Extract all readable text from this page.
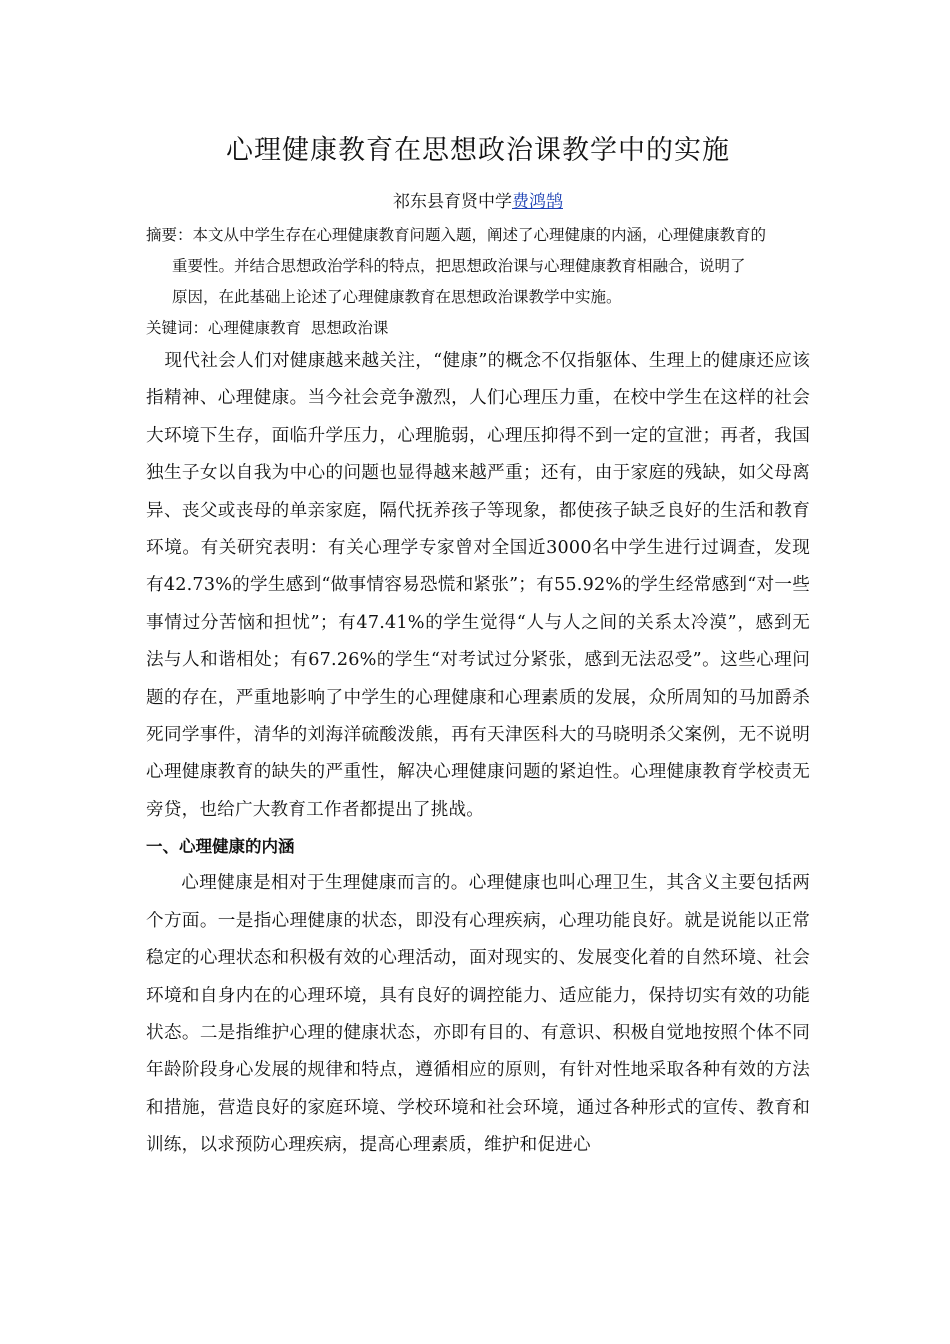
心理健康教育在思想政治课教学中的实施

祁东县育贤中学费鸿鹄

摘要：本文从中学生存在心理健康教育问题入题，阐述了心理健康的内涵，心理健康教育的
重要性。并结合思想政治学科的特点，把思想政治课与心理健康教育相融合，说明了
原因，在此基础上论述了心理健康教育在思想政治课教学中实施。

关键词：心理健康教育  思想政治课

现代社会人们对健康越来越关注，“健康”的概念不仅指躯体、生理上的健康还应该指精神、心理健康。当今社会竞争激烈，人们心理压力重，在校中学生在这样的社会大环境下生存，面临升学压力，心理脆弱，心理压抑得不到一定的宣泄；再者，我国独生子女以自我为中心的问题也显得越来越严重；还有，由于家庭的残缺，如父母离异、丧父或丧母的单亲家庭，隔代抚养孩子等现象，都使孩子缺乏良好的生活和教育环境。有关研究表明：有关心理学专家曾对全国近3000名中学生进行过调查，发现有42.73%的学生感到“做事情容易恐慌和紧张”；有55.92%的学生经常感到“对一些事情过分苦恼和担忧”；有47.41%的学生觉得“人与人之间的关系太冷漠”，感到无法与人和谐相处；有67.26%的学生“对考试过分紧张，感到无法忍受”。这些心理问题的存在，严重地影响了中学生的心理健康和心理素质的发展，众所周知的马加爵杀死同学事件，清华的刘海洋硫酸泼熊，再有天津医科大的马晓明杀父案例，无不说明心理健康教育的缺失的严重性，解决心理健康问题的紧迫性。心理健康教育学校责无旁贷，也给广大教育工作者都提出了挑战。

一、心理健康的内涵

心理健康是相对于生理健康而言的。心理健康也叫心理卫生，其含义主要包括两个方面。一是指心理健康的状态，即没有心理疾病，心理功能良好。就是说能以正常稳定的心理状态和积极有效的心理活动，面对现实的、发展变化着的自然环境、社会环境和自身内在的心理环境，具有良好的调控能力、适应能力，保持切实有效的功能状态。二是指维护心理的健康状态，亦即有目的、有意识、积极自觉地按照个体不同年龄阶段身心发展的规律和特点，遵循相应的原则，有针对性地采取各种有效的方法和措施，营造良好的家庭环境、学校环境和社会环境，通过各种形式的宣传、教育和训练，以求预防心理疾病，提高心理素质，维护和促进心
